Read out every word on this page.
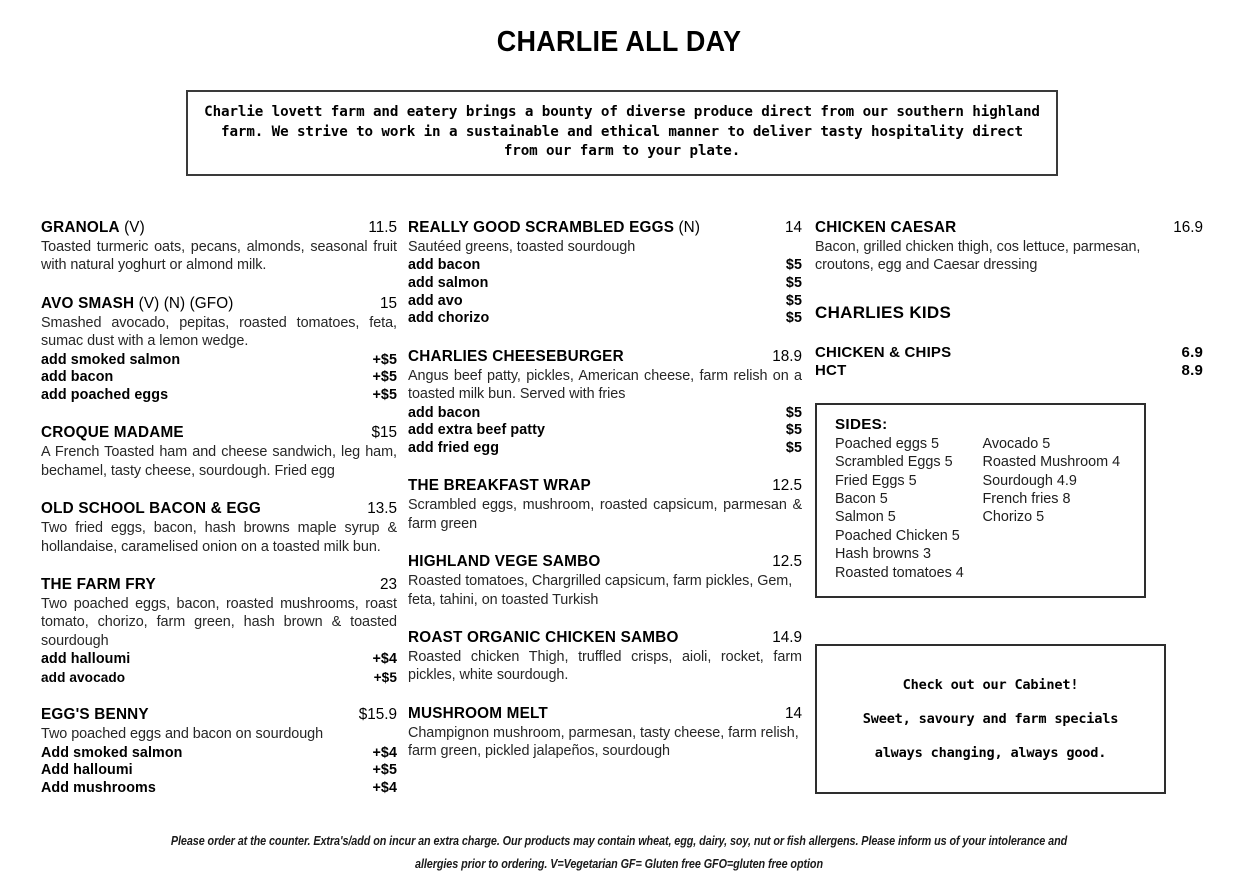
CHARLIE ALL DAY
Charlie lovett farm and eatery brings a bounty of diverse produce direct from our southern highland farm. We strive to work in a sustainable and ethical manner to deliver tasty hospitality direct from our farm to your plate.
GRANOLA (V)	11.5
Toasted turmeric oats, pecans, almonds, seasonal fruit with natural yoghurt or almond milk.
AVO SMASH (V) (N) (GFO)	15
Smashed avocado, pepitas, roasted tomatoes, feta, sumac dust with a lemon wedge.
add smoked salmon	+$5
add bacon	+$5
add poached eggs	+$5
CROQUE MADAME	$15
A French Toasted ham and cheese sandwich, leg ham, bechamel, tasty cheese, sourdough. Fried egg
OLD SCHOOL BACON & EGG	13.5
Two fried eggs, bacon, hash browns maple syrup & hollandaise, caramelised onion on a toasted milk bun.
THE FARM FRY	23
Two poached eggs, bacon, roasted mushrooms, roast tomato, chorizo, farm green, hash brown & toasted sourdough
add halloumi	+$4
add avocado	+$5
EGG'S BENNY	$15.9
Two poached eggs and bacon on sourdough
Add smoked salmon	+$4
Add halloumi	+$5
Add mushrooms	+$4
REALLY GOOD SCRAMBLED EGGS (N)	14
Sautéed greens, toasted sourdough
add bacon	$5
add salmon	$5
add avo	$5
add chorizo	$5
CHARLIES CHEESEBURGER	18.9
Angus beef patty, pickles, American cheese, farm relish on a toasted milk bun. Served with fries
add bacon	$5
add extra beef patty	$5
add fried egg	$5
THE BREAKFAST WRAP	12.5
Scrambled eggs, mushroom, roasted capsicum, parmesan & farm green
HIGHLAND VEGE SAMBO	12.5
Roasted tomatoes, Chargrilled capsicum, farm pickles, Gem, feta, tahini, on toasted Turkish
ROAST ORGANIC CHICKEN SAMBO	14.9
Roasted chicken Thigh, truffled crisps, aioli, rocket, farm pickles, white sourdough.
MUSHROOM MELT	14
Champignon mushroom, parmesan, tasty cheese, farm relish, farm green, pickled jalapeños, sourdough
CHICKEN CAESAR	16.9
Bacon, grilled chicken thigh, cos lettuce, parmesan, croutons, egg and Caesar dressing
CHARLIES KIDS
CHICKEN & CHIPS	6.9
HCT	8.9
SIDES:
Poached eggs 5
Scrambled Eggs 5
Fried Eggs 5
Bacon 5
Salmon 5
Poached Chicken 5
Hash browns 3
Roasted tomatoes 4
Avocado 5
Roasted Mushroom 4
Sourdough 4.9
French fries 8
Chorizo 5
Check out our Cabinet!
Sweet, savoury and farm specials
always changing, always good.
Please order at the counter. Extra's/add on incur an extra charge. Our products may contain wheat, egg, dairy, soy, nut or fish allergens. Please inform us of your intolerance and
allergies prior to ordering. V=Vegetarian GF= Gluten free GFO=gluten free option
